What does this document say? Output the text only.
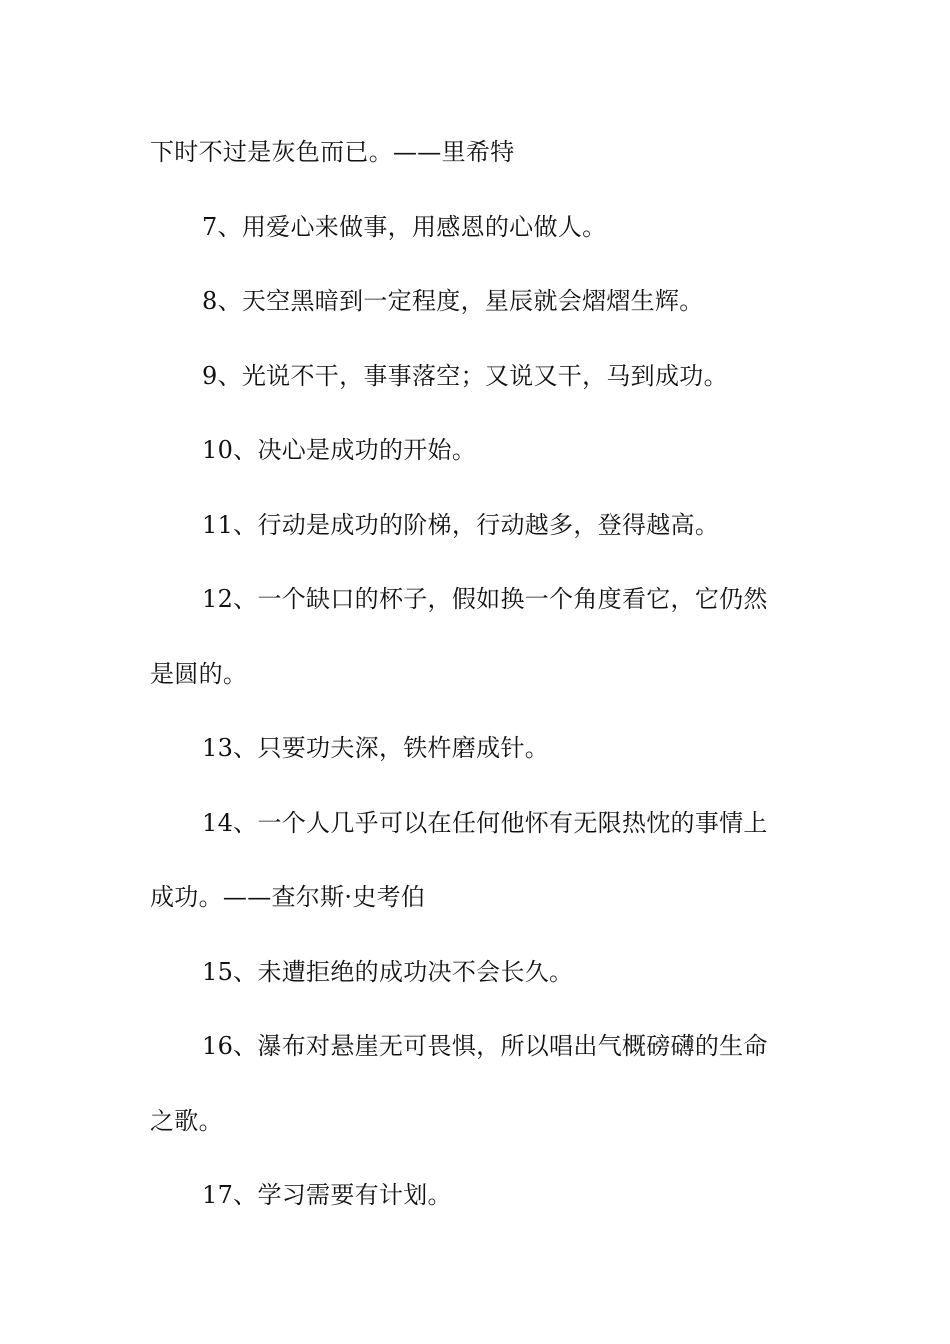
下时不过是灰色而已。——里希特
7、用爱心来做事，用感恩的心做人。
8、天空黑暗到一定程度，星辰就会熠熠生辉。
9、光说不干，事事落空；又说又干，马到成功。
10、决心是成功的开始。
11、行动是成功的阶梯，行动越多，登得越高。
12、一个缺口的杯子，假如换一个角度看它，它仍然
是圆的。
13、只要功夫深，铁杵磨成针。
14、一个人几乎可以在任何他怀有无限热忱的事情上
成功。——查尔斯·史考伯
15、未遭拒绝的成功决不会长久。
16、瀑布对悬崖无可畏惧，所以唱出气概磅礴的生命
之歌。
17、学习需要有计划。
